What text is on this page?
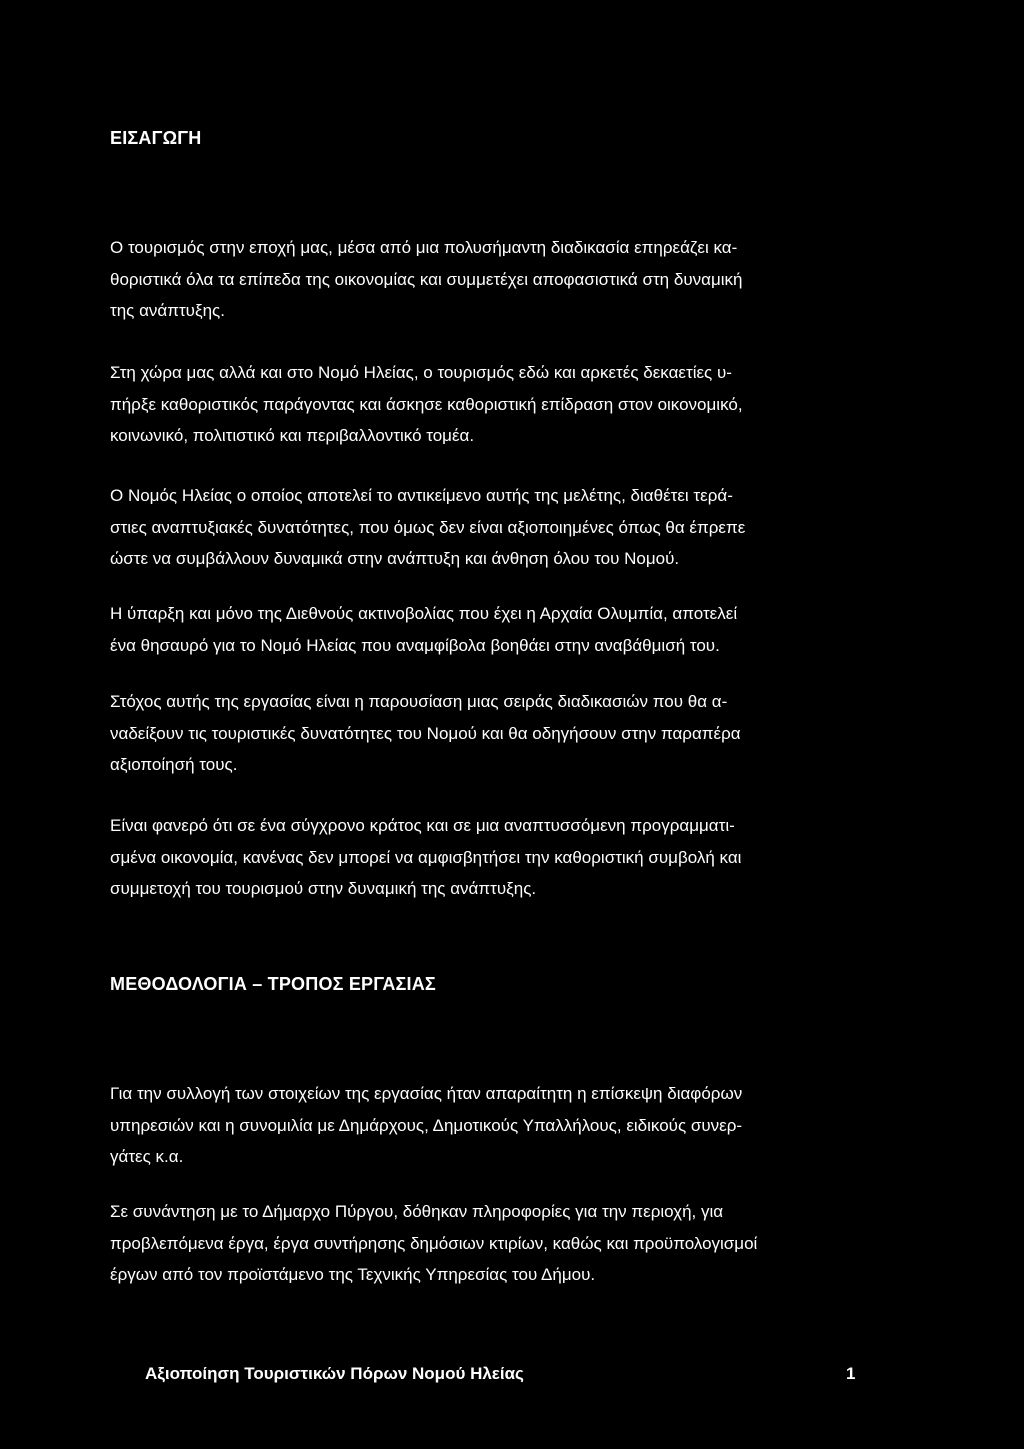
ΕΙΣΑΓΩΓΗ

Ο τουρισμός στην εποχή μας, μέσα από μια πολυσήμαντη διαδικασία επηρεάζει κα-
θοριστικά όλα τα επίπεδα της οικονομίας και συμμετέχει αποφασιστικά στη δυναμική
της ανάπτυξης.

Στη χώρα μας αλλά και στο Νομό Ηλείας, ο τουρισμός εδώ και αρκετές δεκαετίες υ-
πήρξε καθοριστικός παράγοντας και άσκησε καθοριστική επίδραση στον οικονομικό,
κοινωνικό, πολιτιστικό και περιβαλλοντικό τομέα.

Ο Νομός Ηλείας ο οποίος αποτελεί το αντικείμενο αυτής της μελέτης, διαθέτει τερά-
στιες αναπτυξιακές δυνατότητες, που όμως δεν είναι αξιοποιημένες όπως θα έπρεπε
ώστε να συμβάλλουν δυναμικά στην ανάπτυξη και άνθηση όλου του Νομού.

Η ύπαρξη και μόνο της Διεθνούς ακτινοβολίας που έχει η Αρχαία Ολυμπία, αποτελεί
ένα θησαυρό για το Νομό Ηλείας που αναμφίβολα βοηθάει στην αναβάθμισή του.

Στόχος αυτής της εργασίας είναι η παρουσίαση μιας σειράς διαδικασιών που θα α-
ναδείξουν τις τουριστικές δυνατότητες του Νομού και θα οδηγήσουν στην παραπέρα
αξιοποίησή τους.

Είναι φανερό ότι σε ένα σύγχρονο κράτος και σε μια αναπτυσσόμενη προγραμματι-
σμένα οικονομία, κανένας δεν μπορεί να αμφισβητήσει την καθοριστική συμβολή και
συμμετοχή του τουρισμού στην δυναμική της ανάπτυξης.

ΜΕΘΟΔΟΛΟΓΙΑ – ΤΡΟΠΟΣ ΕΡΓΑΣΙΑΣ

Για την συλλογή των στοιχείων της εργασίας ήταν απαραίτητη η επίσκεψη διαφόρων
υπηρεσιών και η συνομιλία με Δημάρχους, Δημοτικούς Υπαλλήλους, ειδικούς συνερ-
γάτες κ.α.

Σε συνάντηση με το Δήμαρχο Πύργου, δόθηκαν πληροφορίες για την περιοχή, για
προβλεπόμενα έργα, έργα συντήρησης δημόσιων κτιρίων, καθώς και προϋπολογισμοί
έργων από τον προϊστάμενο της Τεχνικής Υπηρεσίας του Δήμου.

Αξιοποίηση Τουριστικών Πόρων Νομού Ηλείας	1
